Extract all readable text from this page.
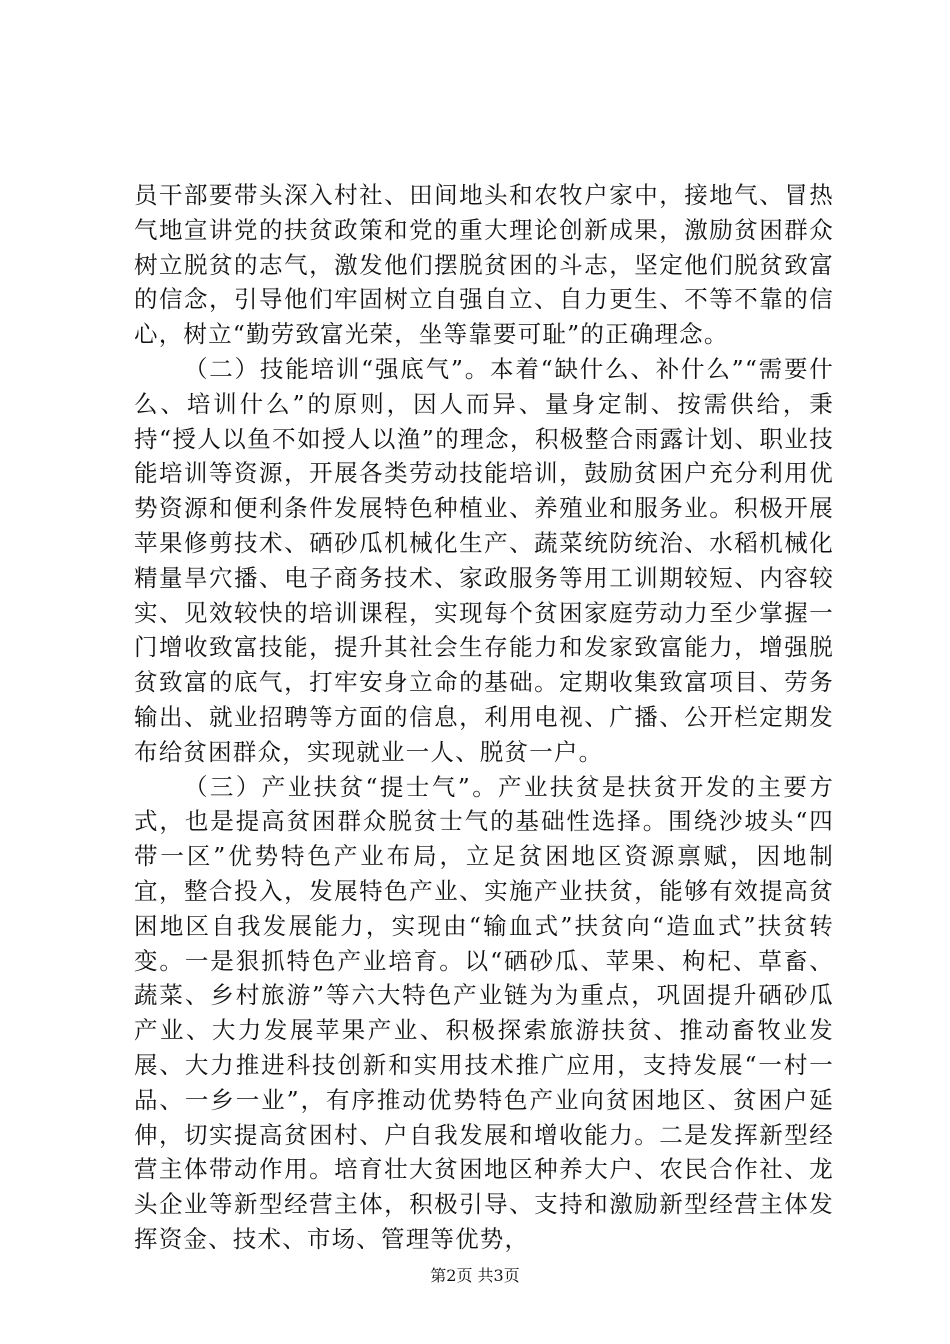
员干部要带头深入村社、田间地头和农牧户家中，接地气、冒热气地宣讲党的扶贫政策和党的重大理论创新成果，激励贫困群众树立脱贫的志气，激发他们摆脱贫困的斗志，坚定他们脱贫致富的信念，引导他们牢固树立自强自立、自力更生、不等不靠的信心，树立“勤劳致富光荣，坐等靠要可耻”的正确理念。

（二）技能培训“强底气”。本着“缺什么、补什么”“需要什么、培训什么”的原则，因人而异、量身定制、按需供给，秉持“授人以鱼不如授人以渔”的理念，积极整合雨露计划、职业技能培训等资源，开展各类劳动技能培训，鼓励贫困户充分利用优势资源和便利条件发展特色种植业、养殖业和服务业。积极开展苹果修剪技术、硒砂瓜机械化生产、蔬菜统防统治、水稻机械化精量旱穴播、电子商务技术、家政服务等用工训期较短、内容较实、见效较快的培训课程，实现每个贫困家庭劳动力至少掌握一门增收致富技能，提升其社会生存能力和发家致富能力，增强脱贫致富的底气，打牢安身立命的基础。定期收集致富项目、劳务输出、就业招聘等方面的信息，利用电视、广播、公开栏定期发布给贫困群众，实现就业一人、脱贫一户。

（三）产业扶贫“提士气”。产业扶贫是扶贫开发的主要方式，也是提高贫困群众脱贫士气的基础性选择。围绕沙坡头“四带一区”优势特色产业布局，立足贫困地区资源禀赋，因地制宜，整合投入，发展特色产业、实施产业扶贫，能够有效提高贫困地区自我发展能力，实现由“输血式”扶贫向“造血式”扶贫转变。一是狠抓特色产业培育。以“硒砂瓜、苹果、枸杞、草畜、蔬菜、乡村旅游”等六大特色产业链为为重点，巩固提升硒砂瓜产业、大力发展苹果产业、积极探索旅游扶贫、推动畜牧业发展、大力推进科技创新和实用技术推广应用，支持发展“一村一品、一乡一业”，有序推动优势特色产业向贫困地区、贫困户延伸，切实提高贫困村、户自我发展和增收能力。二是发挥新型经营主体带动作用。培育壮大贫困地区种养大户、农民合作社、龙头企业等新型经营主体，积极引导、支持和激励新型经营主体发挥资金、技术、市场、管理等优势，

第2页 共3页
